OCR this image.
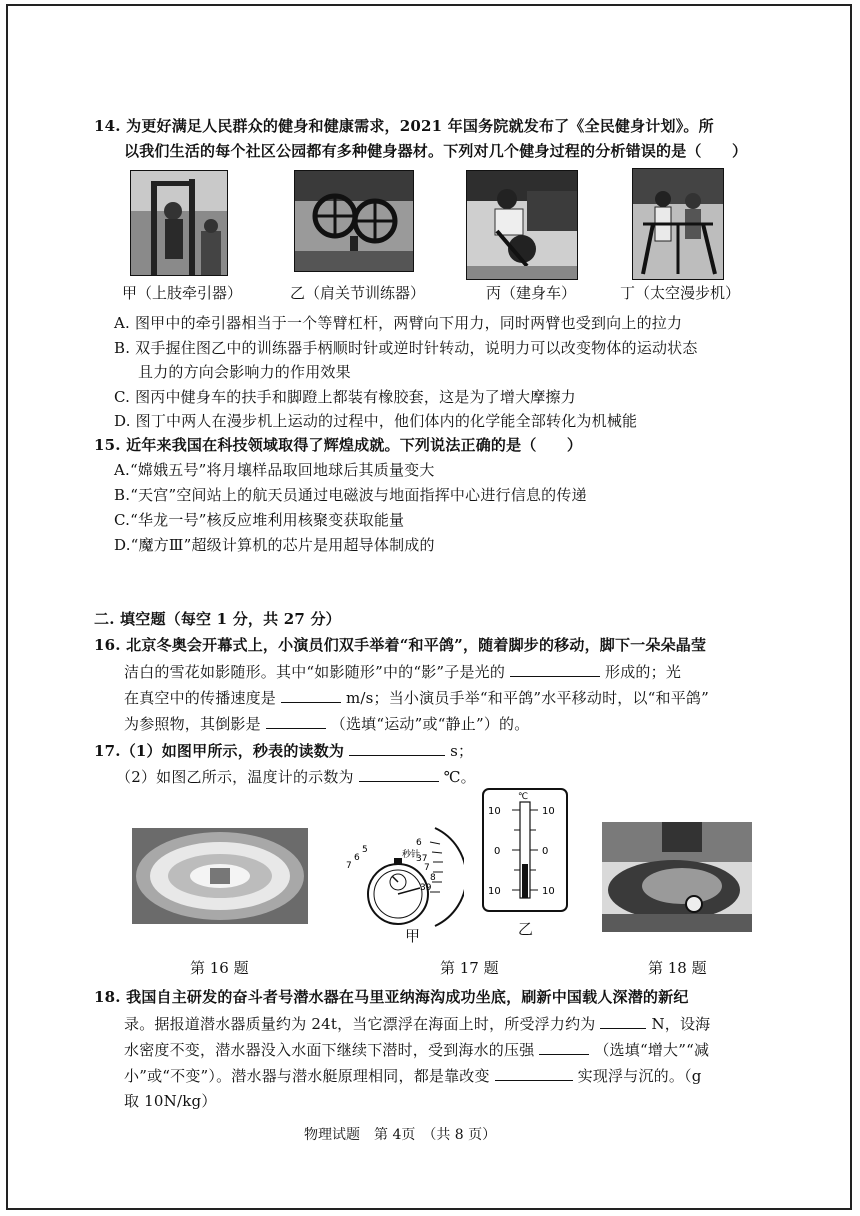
14. 为更好满足人民群众的健身和健康需求，2021 年国务院就发布了《全民健身计划》。所
以我们生活的每个社区公园都有多种健身器材。下列对几个健身过程的分析错误的是（　　）
甲（上肢牵引器）	乙（肩关节训练器）	丙（建身车）	丁（太空漫步机）
A. 图甲中的牵引器相当于一个等臂杠杆，两臂向下用力，同时两臂也受到向上的拉力
B. 双手握住图乙中的训练器手柄顺时针或逆时针转动，说明力可以改变物体的运动状态
且力的方向会影响力的作用效果
C. 图丙中健身车的扶手和脚蹬上都装有橡胶套，这是为了增大摩擦力
D. 图丁中两人在漫步机上运动的过程中，他们体内的化学能全部转化为机械能
15. 近年来我国在科技领域取得了辉煌成就。下列说法正确的是（　　）
A.“嫦娥五号”将月壤样品取回地球后其质量变大
B.“天宫”空间站上的航天员通过电磁波与地面指挥中心进行信息的传递
C.“华龙一号”核反应堆利用核聚变获取能量
D.“魔方Ⅲ”超级计算机的芯片是用超导体制成的
二. 填空题（每空 1 分，共 27 分）
16. 北京冬奥会开幕式上，小演员们双手举着“和平鸽”，随着脚步的移动，脚下一朵朵晶莹
洁白的雪花如影随形。其中“如影随形”中的“影”子是光的	形成的；光
在真空中的传播速度是	m/s；当小演员手举“和平鸽”水平移动时，以“和平鸽”
为参照物，其倒影是	（选填“运动”或“静止”）的。
17.（1）如图甲所示，秒表的读数为	s；
（2）如图乙所示，温度计的示数为	℃。
6
37
7
8
39
5
6
7
秒针
甲
℃
10
0
10
10
0
10
乙
第 16 题	第 17 题	第 18 题
18. 我国自主研发的奋斗者号潜水器在马里亚纳海沟成功坐底，刷新中国载人深潜的新纪
录。据报道潜水器质量约为 24t，当它漂浮在海面上时，所受浮力约为	N，设海
水密度不变，潜水器没入水面下继续下潜时，受到海水的压强	（选填“增大”“减
小”或“不变”）。潜水器与潜水艇原理相同，都是靠改变	实现浮与沉的。（g
取 10N/kg）
物理试题　第 4页　（共 8 页）
